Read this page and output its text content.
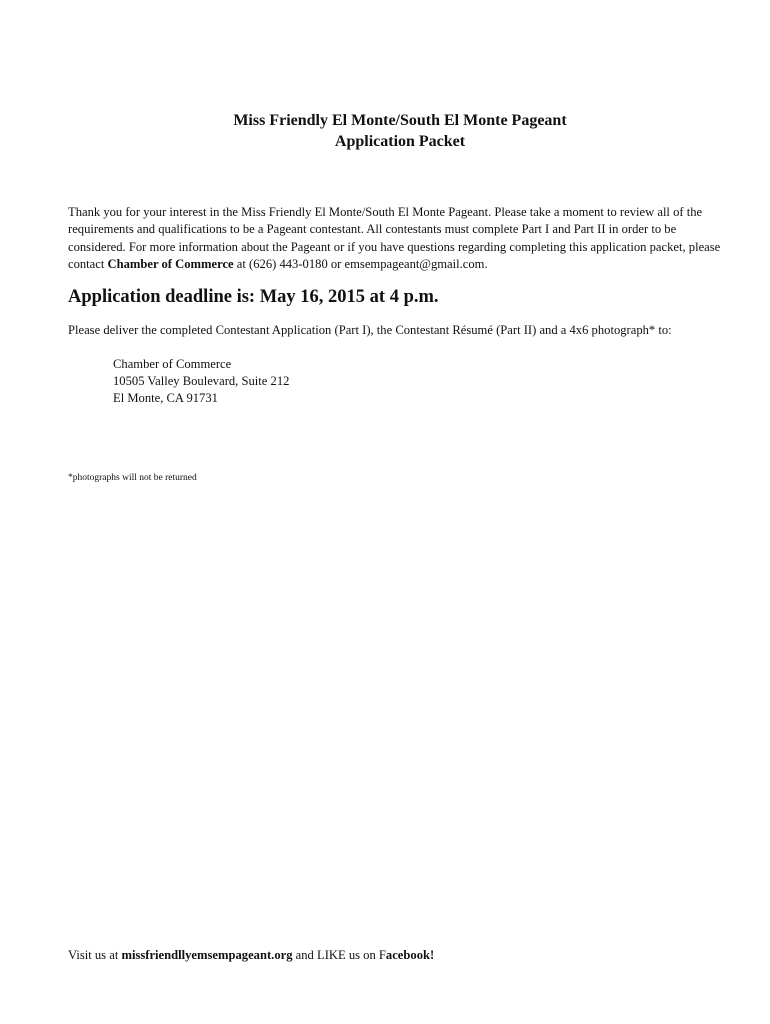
Miss Friendly El Monte/South El Monte Pageant
Application Packet

Thank you for your interest in the Miss Friendly El Monte/South El Monte Pageant. Please take a moment to review all of the requirements and qualifications to be a Pageant contestant. All contestants must complete Part I and Part II in order to be considered. For more information about the Pageant or if you have questions regarding completing this application packet, please contact Chamber of Commerce at (626) 443-0180 or emsempageant@gmail.com.

Application deadline is: May 16, 2015 at 4 p.m.
Please deliver the completed Contestant Application (Part I), the Contestant Résumé (Part II) and a 4x6 photograph* to:
Chamber of Commerce
10505 Valley Boulevard, Suite 212
El Monte, CA 91731
*photographs will not be returned
Visit us at missfriendllyemsempageant.org and LIKE us on Facebook!
